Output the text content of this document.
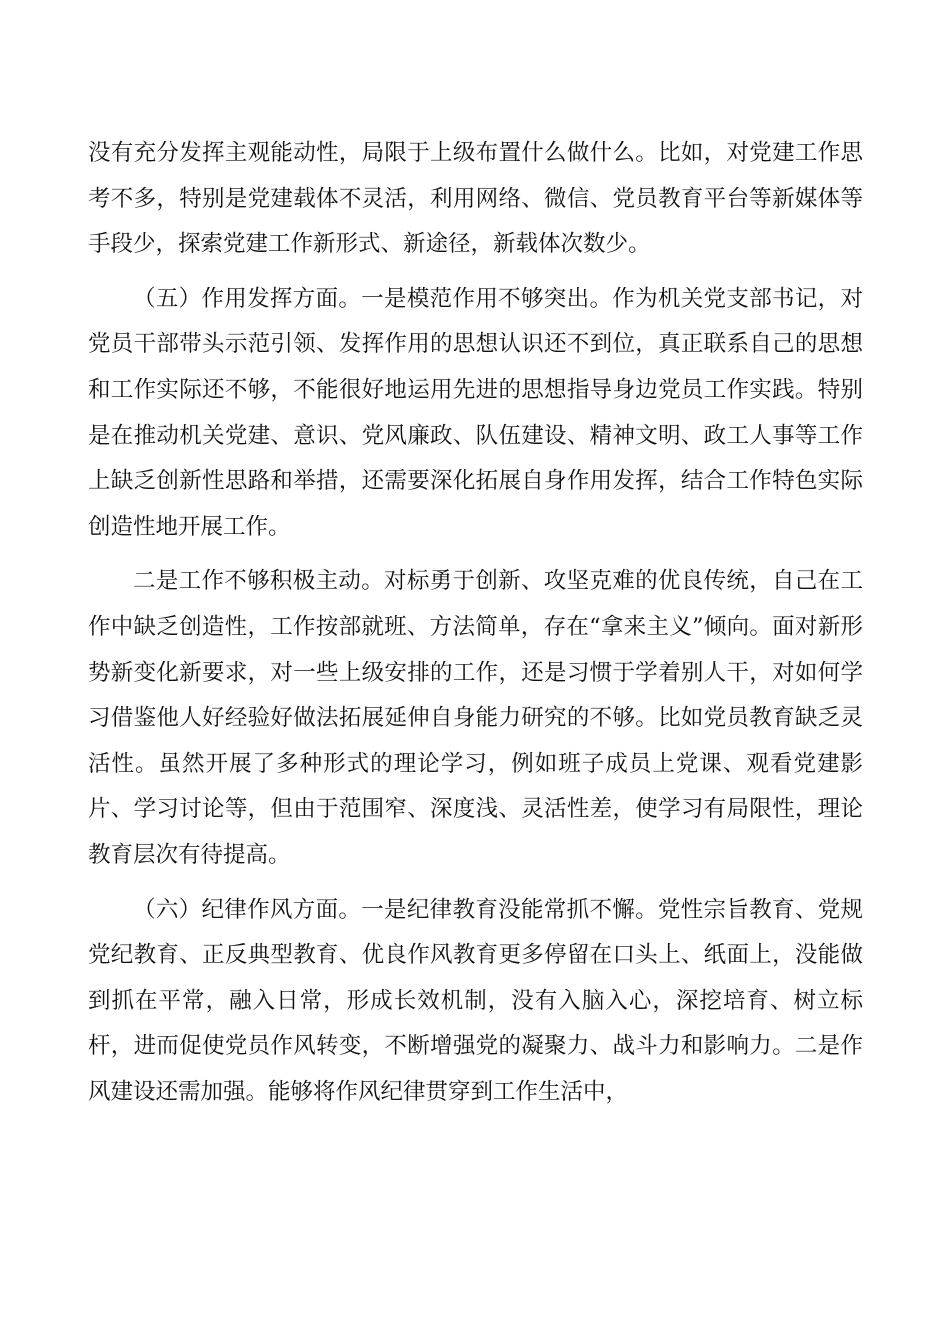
没有充分发挥主观能动性，局限于上级布置什么做什么。比如，对党建工作思考不多，特别是党建载体不灵活，利用网络、微信、党员教育平台等新媒体等手段少，探索党建工作新形式、新途径，新载体次数少。

（五）作用发挥方面。一是模范作用不够突出。作为机关党支部书记，对党员干部带头示范引领、发挥作用的思想认识还不到位，真正联系自己的思想和工作实际还不够，不能很好地运用先进的思想指导身边党员工作实践。特别是在推动机关党建、意识、党风廉政、队伍建设、精神文明、政工人事等工作上缺乏创新性思路和举措，还需要深化拓展自身作用发挥，结合工作特色实际创造性地开展工作。

二是工作不够积极主动。对标勇于创新、攻坚克难的优良传统，自己在工作中缺乏创造性，工作按部就班、方法简单，存在“拿来主义”倾向。面对新形势新变化新要求，对一些上级安排的工作，还是习惯于学着别人干，对如何学习借鉴他人好经验好做法拓展延伸自身能力研究的不够。比如党员教育缺乏灵活性。虽然开展了多种形式的理论学习，例如班子成员上党课、观看党建影片、学习讨论等，但由于范围窄、深度浅、灵活性差，使学习有局限性，理论教育层次有待提高。

（六）纪律作风方面。一是纪律教育没能常抓不懈。党性宗旨教育、党规党纪教育、正反典型教育、优良作风教育更多停留在口头上、纸面上，没能做到抓在平常，融入日常，形成长效机制，没有入脑入心，深挖培育、树立标杆，进而促使党员作风转变，不断增强党的凝聚力、战斗力和影响力。二是作风建设还需加强。能够将作风纪律贯穿到工作生活中，
